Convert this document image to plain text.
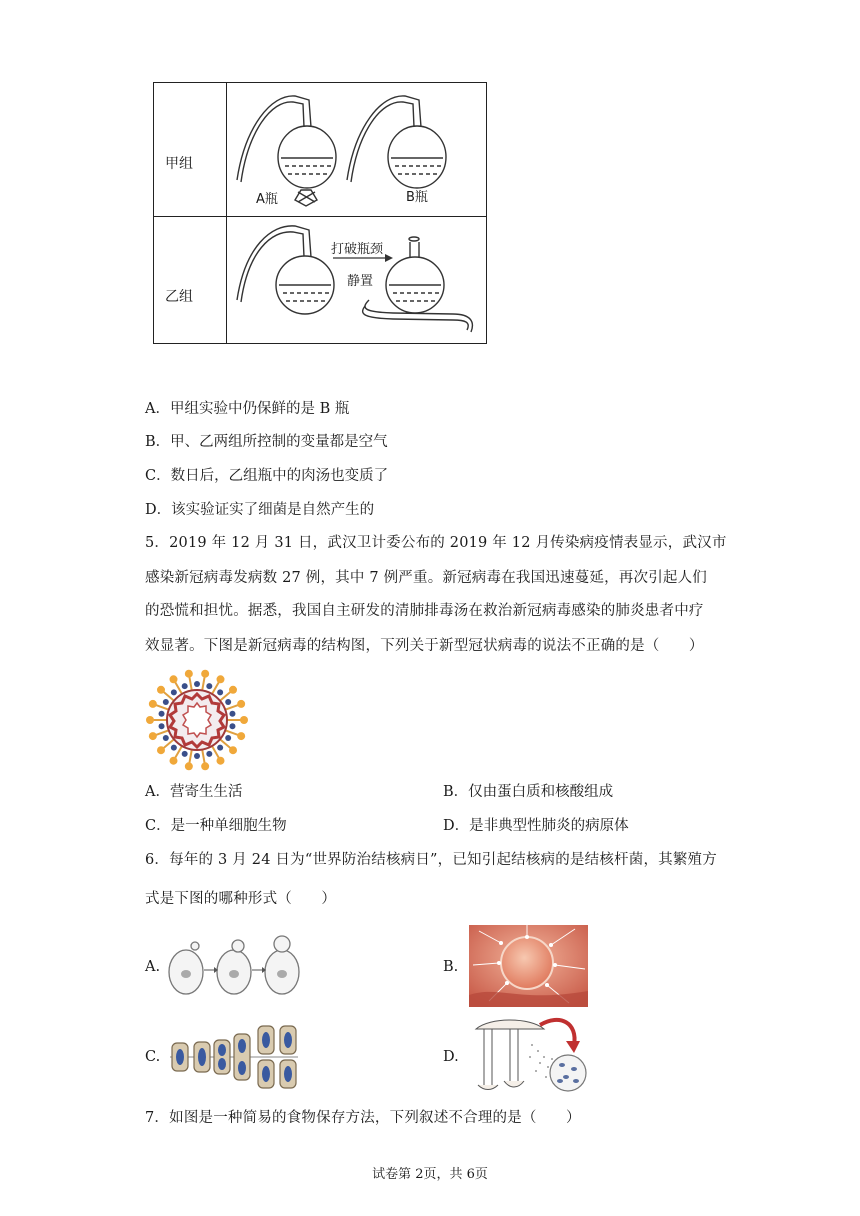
甲组
乙组
A瓶	B瓶
打破瓶颈
静置
A．甲组实验中仍保鲜的是 B 瓶
B．甲、乙两组所控制的变量都是空气
C．数日后，乙组瓶中的肉汤也变质了
D．该实验证实了细菌是自然产生的
5．2019 年 12 月 31 日，武汉卫计委公布的 2019 年 12 月传染病疫情表显示，武汉市
感染新冠病毒发病数 27 例，其中 7 例严重。新冠病毒在我国迅速蔓延，再次引起人们
的恐慌和担忧。据悉，我国自主研发的清肺排毒汤在救治新冠病毒感染的肺炎患者中疗
效显著。下图是新冠病毒的结构图，下列关于新型冠状病毒的说法不正确的是（　　）
A．营寄生生活	B．仅由蛋白质和核酸组成
C．是一种单细胞生物	D．是非典型性肺炎的病原体
6．每年的 3 月 24 日为“世界防治结核病日”，已知引起结核病的是结核杆菌，其繁殖方
式是下图的哪种形式（　　）
A.	B.
C.	D.
7．如图是一种简易的食物保存方法，下列叙述不合理的是（　　）
试卷第 2页，共 6页
